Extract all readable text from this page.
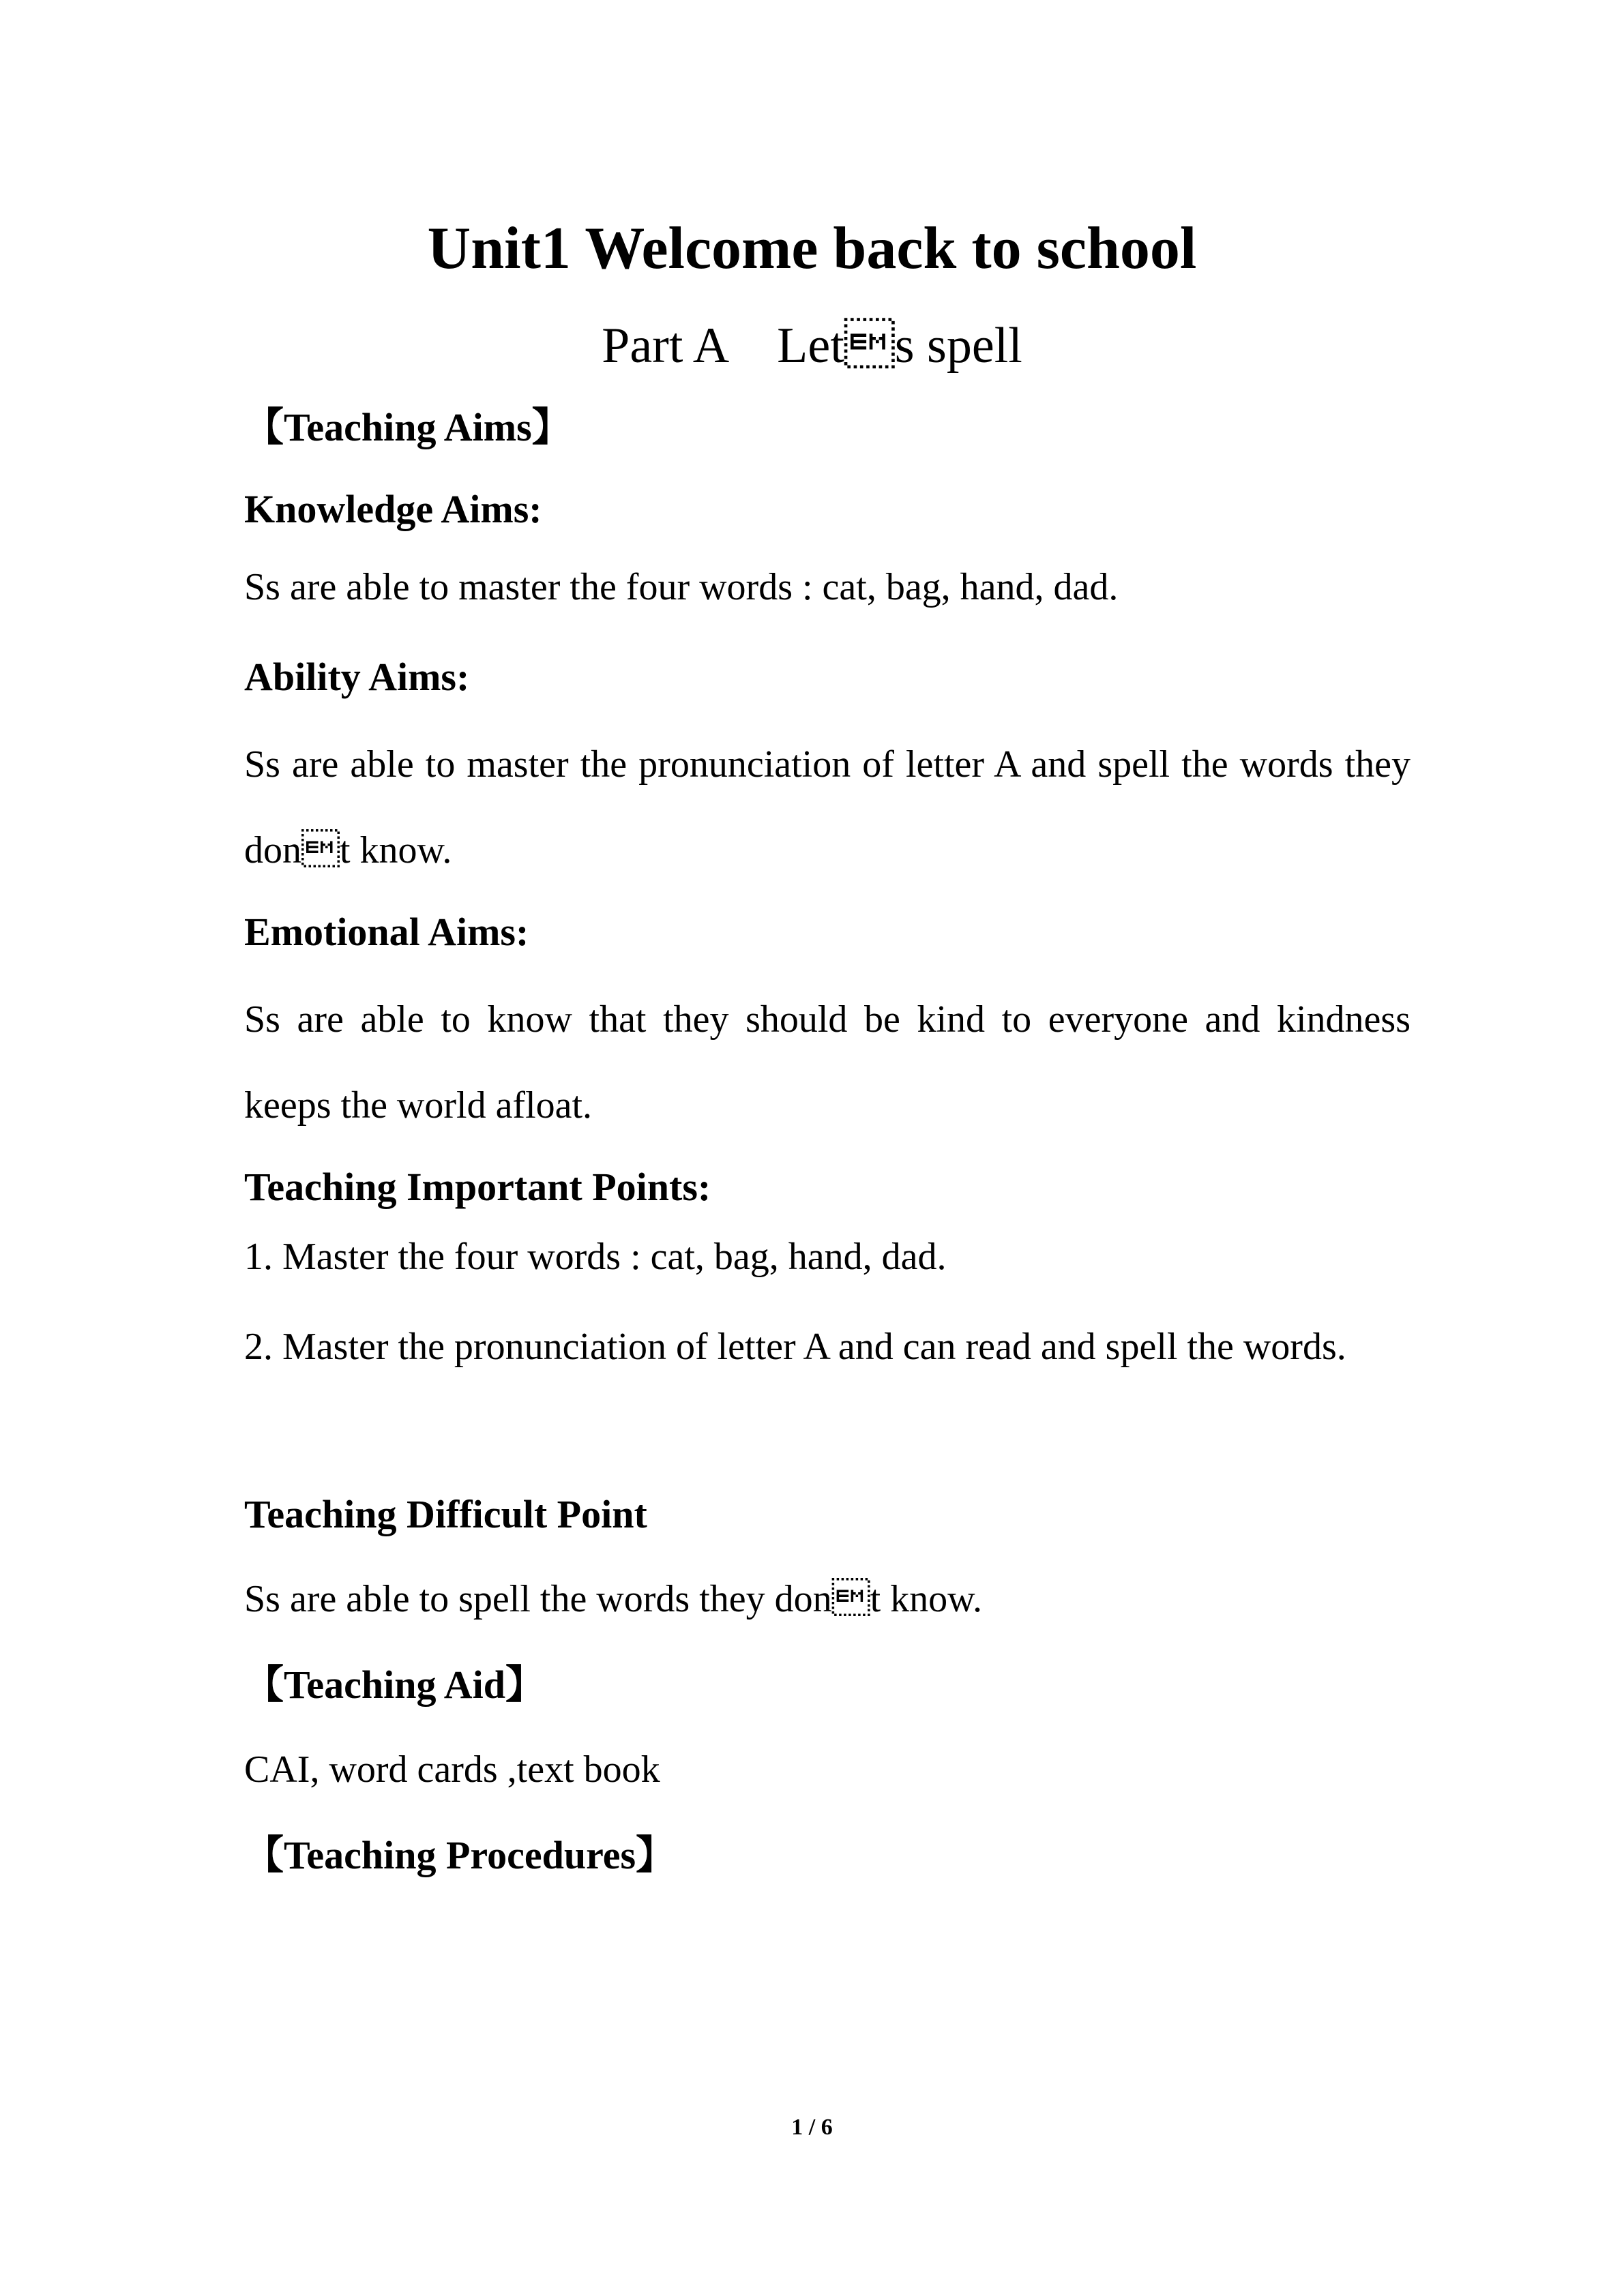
Unit1 Welcome back to school

Part A    Lets spell

【Teaching Aims】

Knowledge Aims:

Ss are able to master the four words : cat, bag, hand, dad.

Ability Aims:

Ss are able to master the pronunciation of letter A and spell the words they dont know.

Emotional Aims:

Ss are able to know that they should be kind to everyone and kindness keeps the world afloat.

Teaching Important Points:

1. Master the four words : cat, bag, hand, dad.

2. Master the pronunciation of letter A and can read and spell the words.

Teaching Difficult Point

Ss are able to spell the words they dont know.

【Teaching Aid】

CAI, word cards ,text book

【Teaching Procedures】

1 / 6
